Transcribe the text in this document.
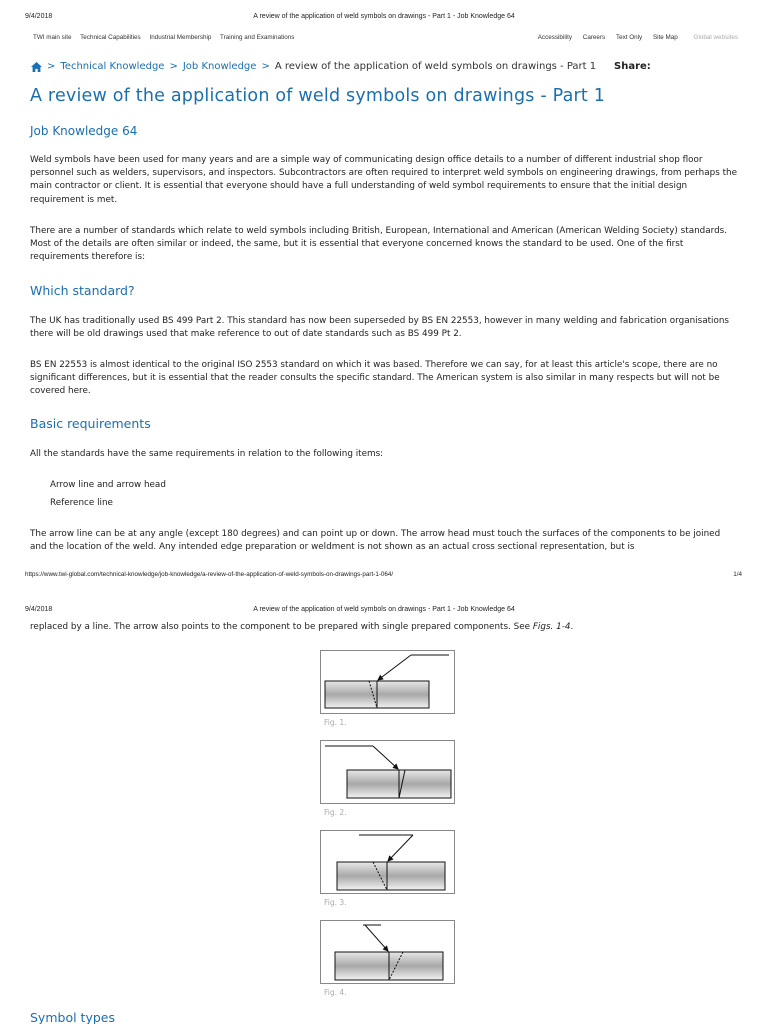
9/4/2018	A review of the application of weld symbols on drawings - Part 1 - Job Knowledge 64
TWI main site Technical Capabilities Industrial Membership Training and Examinations	Accessibility Careers Text Only Site Map	Global websites
> Technical Knowledge > Job Knowledge > A review of the application of weld symbols on drawings - Part 1 Share:
A review of the application of weld symbols on drawings - Part 1
Job Knowledge 64

Weld symbols have been used for many years and are a simple way of communicating design office details to a number of different industrial shop floor personnel such as welders, supervisors, and inspectors. Subcontractors are often required to interpret weld symbols on engineering drawings, from perhaps the main contractor or client. It is essential that everyone should have a full understanding of weld symbol requirements to ensure that the initial design requirement is met.

There are a number of standards which relate to weld symbols including British, European, International and American (American Welding Society) standards. Most of the details are often similar or indeed, the same, but it is essential that everyone concerned knows the standard to be used. One of the first requirements therefore is:

Which standard?

The UK has traditionally used BS 499 Part 2. This standard has now been superseded by BS EN 22553, however in many welding and fabrication organisations there will be old drawings used that make reference to out of date standards such as BS 499 Pt 2.

BS EN 22553 is almost identical to the original ISO 2553 standard on which it was based. Therefore we can say, for at least this article's scope, there are no significant differences, but it is essential that the reader consults the specific standard. The American system is also similar in many respects but will not be covered here.

Basic requirements

All the standards have the same requirements in relation to the following items:

Arrow line and arrow head
Reference line

The arrow line can be at any angle (except 180 degrees) and can point up or down. The arrow head must touch the surfaces of the components to be joined and the location of the weld. Any intended edge preparation or weldment is not shown as an actual cross sectional representation, but is

https://www.twi-global.com/technical-knowledge/job-knowledge/a-review-of-the-application-of-weld-symbols-on-drawings-part-1-064/	1/4
9/4/2018	A review of the application of weld symbols on drawings - Part 1 - Job Knowledge 64

replaced by a line. The arrow also points to the component to be prepared with single prepared components. See Figs. 1-4.

Fig. 1.
Fig. 2.
Fig. 3.
Fig. 4.
Symbol types
